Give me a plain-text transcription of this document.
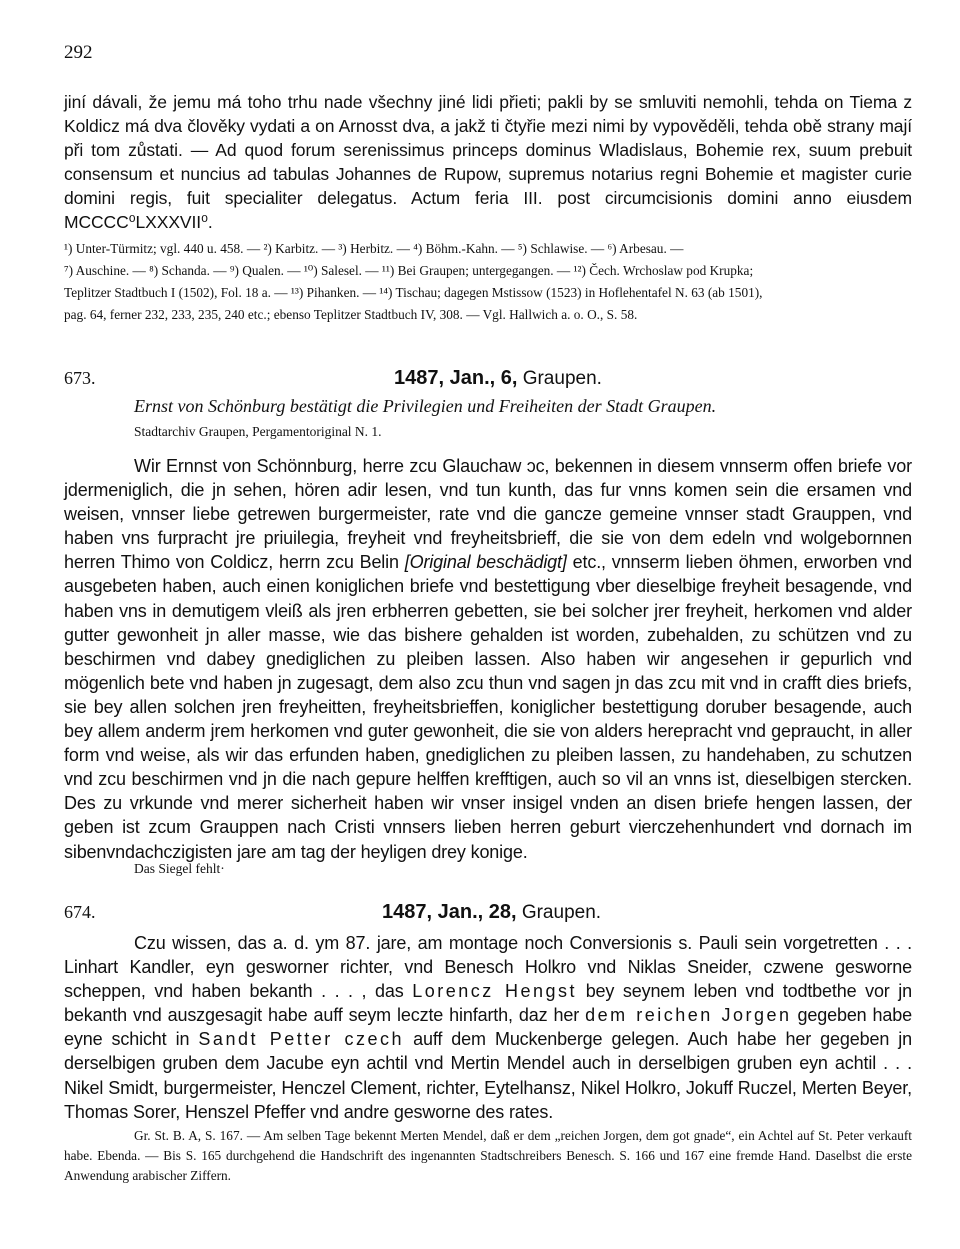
292
jiní dávali, že jemu má toho trhu nade všechny jiné lidi přieti; pakli by se smluviti nemohli, tehda on Tiema z Koldicz má dva člověky vydati a on Arnosst dva, a jakž ti čtyřie mezi nimi by vypověděli, tehda obě strany mají při tom zůstati. — Ad quod forum serenissimus princeps dominus Wladislaus, Bohemie rex, suum prebuit consensum et nuncius ad tabulas Johannes de Rupow, supremus notarius regni Bohemie et magister curie domini regis, fuit specialiter delegatus. Actum feria III. post circumcisionis domini anno eiusdem MCCCC⁰LXXXVII⁰.
¹) Unter-Türmitz; vgl. 440 u. 458. — ²) Karbitz. — ³) Herbitz. — ⁴) Böhm.-Kahn. — ⁵) Schlawise. — ⁶) Arbesau. —
⁷) Auschine. — ⁸) Schanda. — ⁹) Qualen. — ¹⁰) Salesel. — ¹¹) Bei Graupen; untergegangen. — ¹²) Čech. Wrchoslaw pod Krupka;
Teplitzer Stadtbuch I (1502), Fol. 18 a. — ¹³) Pihanken. — ¹⁴) Tischau; dagegen Mstissow (1523) in Hoflehentafel N. 63 (ab 1501),
pag. 64, ferner 232, 233, 235, 240 etc.; ebenso Teplitzer Stadtbuch IV, 308. — Vgl. Hallwich a. o. O., S. 58.
673.	1487, Jan., 6, Graupen.
Ernst von Schönburg bestätigt die Privilegien und Freiheiten der Stadt Graupen.
Stadtarchiv Graupen, Pergamentoriginal N. 1.
Wir Ernnst von Schönnburg, herre zcu Glauchaw ɔc, bekennen in diesem vnnserm offen briefe vor jdermeniglich, die jn sehen, hören adir lesen, vnd tun kunth, das fur vnns komen sein die ersamen vnd weisen, vnnser liebe getrewen burgermeister, rate vnd die gancze gemeine vnnser stadt Grauppen, vnd haben vns furpracht jre priuilegia, freyheit vnd freyheitsbrieff, die sie von dem edeln vnd wolgebornnen herren Thimo von Coldicz, herrn zcu Belin [Original beschädigt] etc., vnnserm lieben öhmen, erworben vnd ausgebeten haben, auch einen koniglichen briefe vnd bestettigung vber dieselbige freyheit besagende, vnd haben vns in demutigem vleiß als jren erbherren gebetten, sie bei solcher jrer freyheit, herkomen vnd alder gutter gewonheit jn aller masse, wie das bishere gehalden ist worden, zubehalden, zu schützen vnd zu beschirmen vnd dabey gnediglichen zu pleiben lassen. Also haben wir angesehen ir gepurlich vnd mögenlich bete vnd haben jn zugesagt, dem also zcu thun vnd sagen jn das zcu mit vnd in crafft dies briefs, sie bey allen solchen jren freyheitten, freyheitsbrieffen, koniglicher bestettigung doruber besagende, auch bey allem anderm jrem herkomen vnd guter gewonheit, die sie von alders herepracht vnd gepraucht, in aller form vnd weise, als wir das erfunden haben, gnediglichen zu pleiben lassen, zu handehaben, zu schutzen vnd zcu beschirmen vnd jn die nach gepure helffen krefftigen, auch so vil an vnns ist, dieselbigen stercken. Des zu vrkunde vnd merer sicherheit haben wir vnser insigel vnden an disen briefe hengen lassen, der geben ist zcum Grauppen nach Cristi vnnsers lieben herren geburt vierczehenhundert vnd dornach im sibenvndachczigisten jare am tag der heyligen drey konige.
Das Siegel fehlt·
674.	1487, Jan., 28, Graupen.
Czu wissen, das a. d. ym 87. jare, am montage noch Conversionis s. Pauli sein vorgetretten . . . Linhart Kandler, eyn gesworner richter, vnd Benesch Holkro vnd Niklas Sneider, czwene gesworne scheppen, vnd haben bekanth . . . , das Lorencz Hengst bey seynem leben vnd todtbethe vor jn bekanth vnd auszgesagit habe auff seym leczte hinfarth, daz her dem reichen Jorgen gegeben habe eyne schicht in Sandt Petter czech auff dem Muckenberge gelegen. Auch habe her gegeben jn derselbigen gruben dem Jacube eyn achtil vnd Mertin Mendel auch in derselbigen gruben eyn achtil . . . Nikel Smidt, burgermeister, Henczel Clement, richter, Eytelhansz, Nikel Holkro, Jokuff Ruczel, Merten Beyer, Thomas Sorer, Henszel Pfeffer vnd andre gesworne des rates.
Gr. St. B. A, S. 167. — Am selben Tage bekennt Merten Mendel, daß er dem „reichen Jorgen, dem got gnade“, ein Achtel auf St. Peter verkauft habe. Ebenda. — Bis S. 165 durchgehend die Handschrift des ingenannten Stadtschreibers Benesch. S. 166 und 167 eine fremde Hand. Daselbst die erste Anwendung arabischer Ziffern.
